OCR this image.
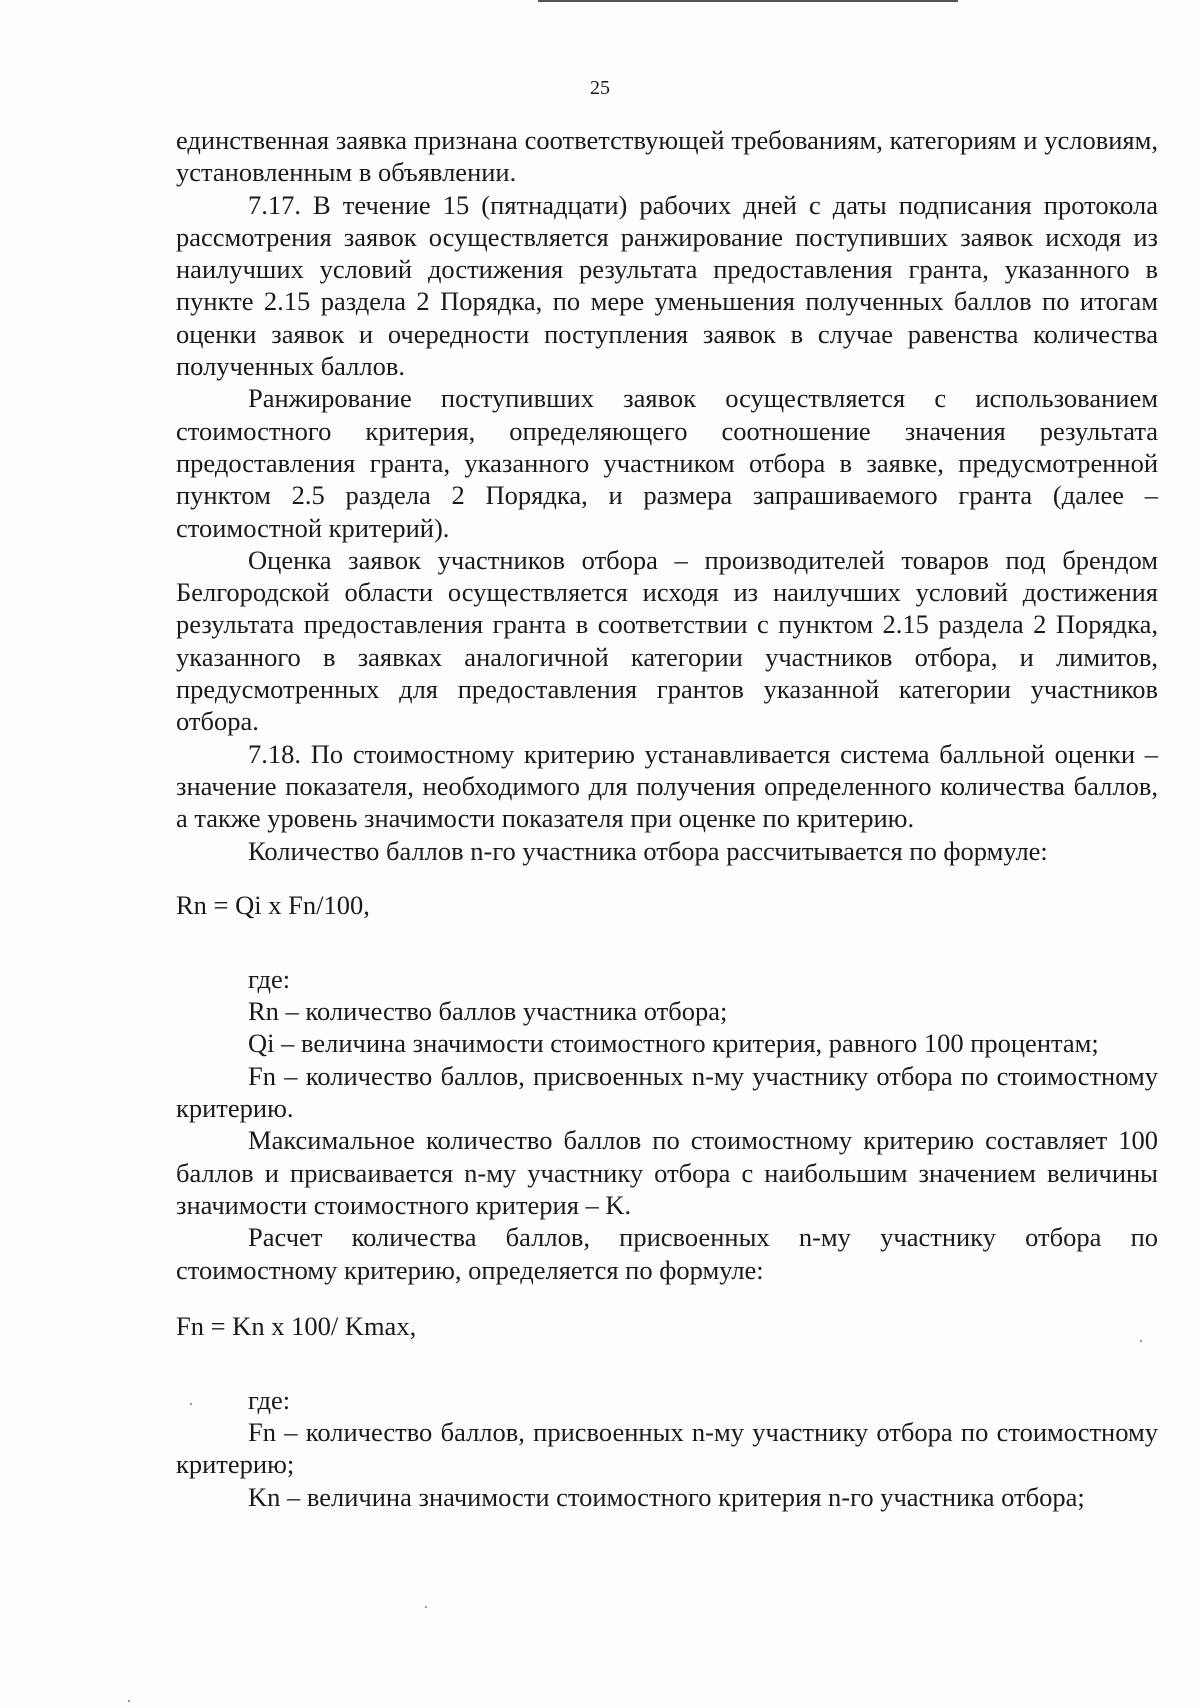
25

единственная заявка признана соответствующей требованиям, категориям и условиям, установленным в объявлении.

7.17. В течение 15 (пятнадцати) рабочих дней с даты подписания протокола рассмотрения заявок осуществляется ранжирование поступивших заявок исходя из наилучших условий достижения результата предоставления гранта, указанного в пункте 2.15 раздела 2 Порядка, по мере уменьшения полученных баллов по итогам оценки заявок и очередности поступления заявок в случае равенства количества полученных баллов.

Ранжирование поступивших заявок осуществляется с использованием стоимостного критерия, определяющего соотношение значения результата предоставления гранта, указанного участником отбора в заявке, предусмотренной пунктом 2.5 раздела 2 Порядка, и размера запрашиваемого гранта (далее – стоимостной критерий).

Оценка заявок участников отбора – производителей товаров под брендом Белгородской области осуществляется исходя из наилучших условий достижения результата предоставления гранта в соответствии с пунктом 2.15 раздела 2 Порядка, указанного в заявках аналогичной категории участников отбора, и лимитов, предусмотренных для предоставления грантов указанной категории участников отбора.

7.18. По стоимостному критерию устанавливается система балльной оценки – значение показателя, необходимого для получения определенного количества баллов, а также уровень значимости показателя при оценке по критерию.

Количество баллов n-го участника отбора рассчитывается по формуле:

Rn = Qi x Fn/100,

где:

Rn – количество баллов участника отбора;

Qi – величина значимости стоимостного критерия, равного 100 процентам;

Fn – количество баллов, присвоенных n-му участнику отбора по стоимостному критерию.

Максимальное количество баллов по стоимостному критерию составляет 100 баллов и присваивается n-му участнику отбора с наибольшим значением величины значимости стоимостного критерия – K.

Расчет количества баллов, присвоенных n-му участнику отбора по стоимостному критерию, определяется по формуле:

Fn = Kn x 100/ Kmax,

где:

Fn – количество баллов, присвоенных n-му участнику отбора по стоимостному критерию;

Kn – величина значимости стоимостного критерия n-го участника отбора;
